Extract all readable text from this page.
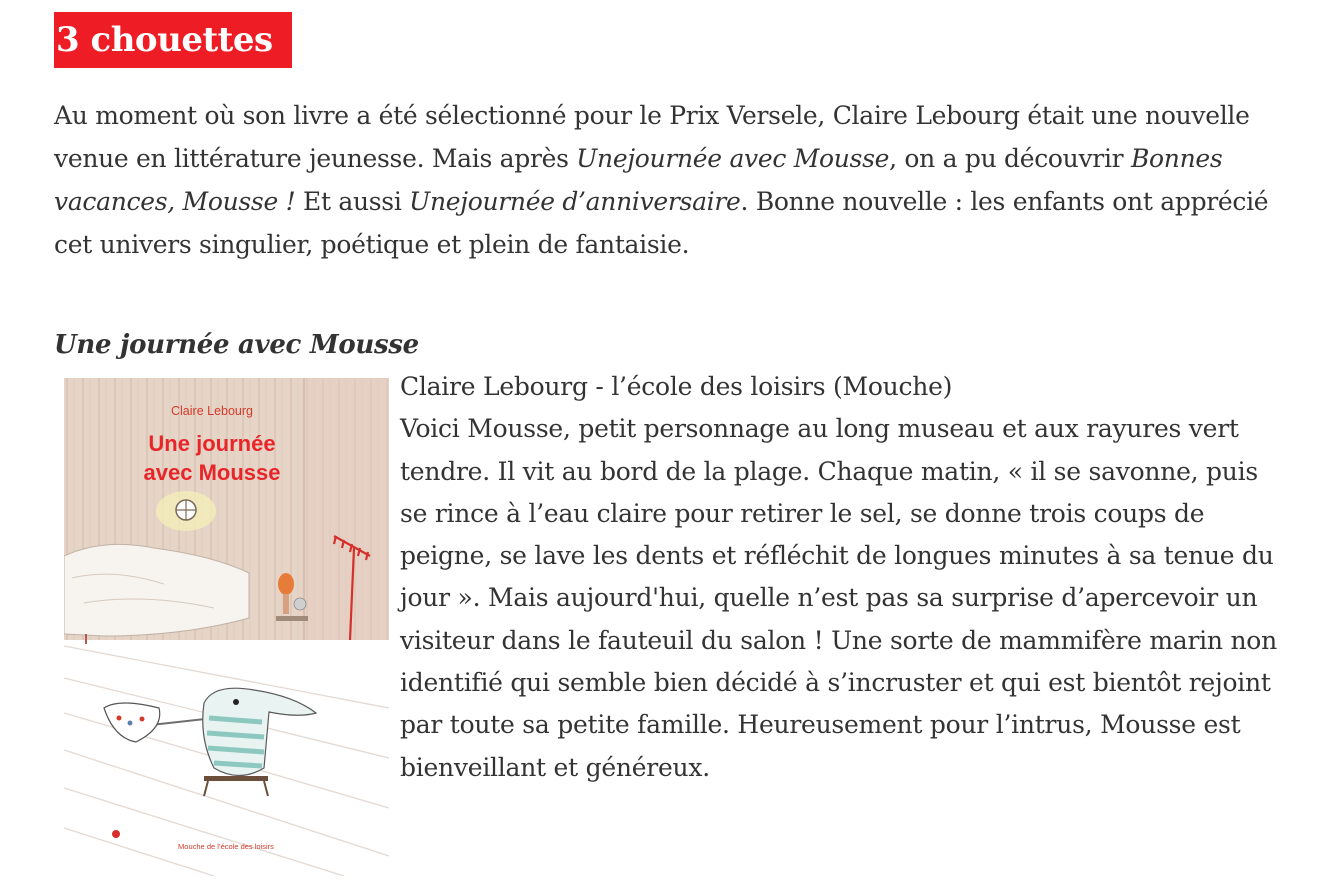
3 chouettes

Au moment où son livre a été sélectionné pour le Prix Versele, Claire Lebourg était une nouvelle venue en littérature jeunesse. Mais après Unejournée avec Mousse, on a pu découvrir Bonnes vacances, Mousse ! Et aussi Unejournée d’anniversaire. Bonne nouvelle : les enfants ont apprécié cet univers singulier, poétique et plein de fantaisie.

Une journée avec Mousse
Claire Lebourg
Une journée
avec Mousse
Mouche de l’école des loisirs
Claire Lebourg - l’école des loisirs (Mouche)
Voici Mousse, petit personnage au long museau et aux rayures vert tendre. Il vit au bord de la plage. Chaque matin, « il se savonne, puis se rince à l’eau claire pour retirer le sel, se donne trois coups de peigne, se lave les dents et réfléchit de longues minutes à sa tenue du jour ». Mais aujourd'hui, quelle n’est pas sa surprise d’apercevoir un visiteur dans le fauteuil du salon ! Une sorte de mammifère marin non identifié qui semble bien décidé à s’incruster et qui est bientôt rejoint par toute sa petite famille. Heureusement pour l’intrus, Mousse est bienveillant et généreux.
